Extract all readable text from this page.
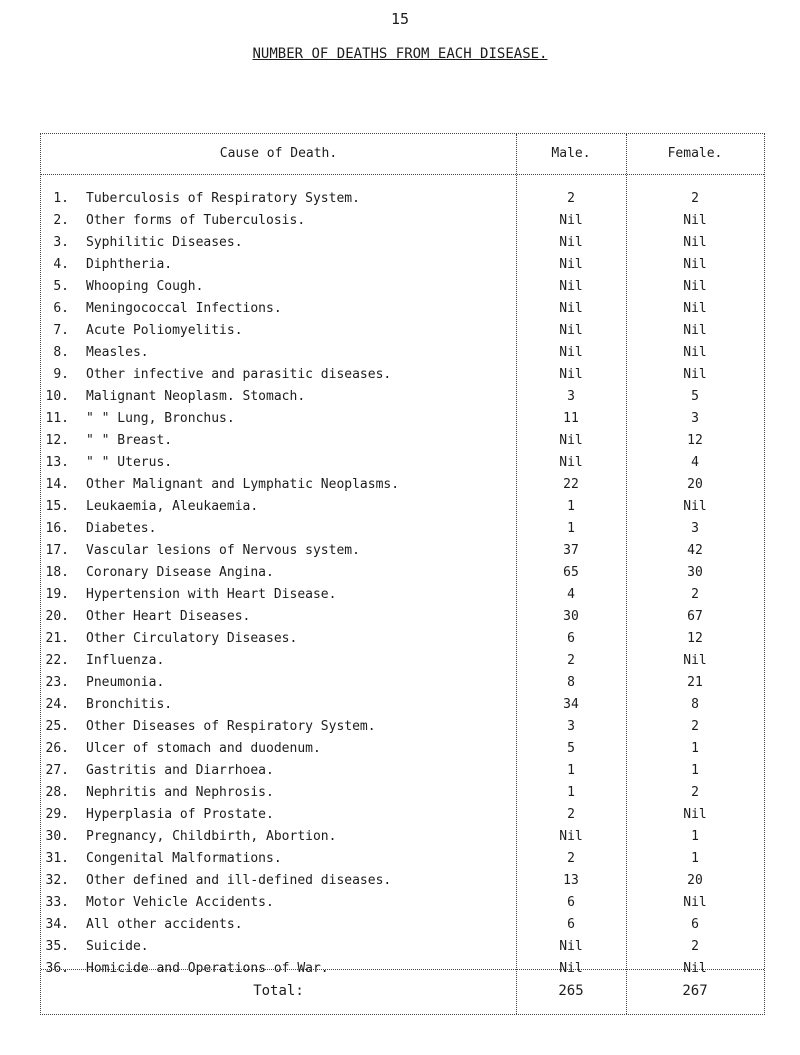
15
NUMBER OF DEATHS FROM EACH DISEASE.
Cause of Death.	Male.	Female.
1. Tuberculosis of Respiratory System.	2	2
2. Other forms of Tuberculosis.	Nil	Nil
3. Syphilitic Diseases.	Nil	Nil
4. Diphtheria.	Nil	Nil
5. Whooping Cough.	Nil	Nil
6. Meningococcal Infections.	Nil	Nil
7. Acute Poliomyelitis.	Nil	Nil
8. Measles.	Nil	Nil
9. Other infective and parasitic diseases.	Nil	Nil
10. Malignant Neoplasm. Stomach.	3	5
11. " " Lung, Bronchus.	11	3
12. " " Breast.	Nil	12
13. " " Uterus.	Nil	4
14. Other Malignant and Lymphatic Neoplasms.	22	20
15. Leukaemia, Aleukaemia.	1	Nil
16. Diabetes.	1	3
17. Vascular lesions of Nervous system.	37	42
18. Coronary Disease Angina.	65	30
19. Hypertension with Heart Disease.	4	2
20. Other Heart Diseases.	30	67
21. Other Circulatory Diseases.	6	12
22. Influenza.	2	Nil
23. Pneumonia.	8	21
24. Bronchitis.	34	8
25. Other Diseases of Respiratory System.	3	2
26. Ulcer of stomach and duodenum.	5	1
27. Gastritis and Diarrhoea.	1	1
28. Nephritis and Nephrosis.	1	2
29. Hyperplasia of Prostate.	2	Nil
30. Pregnancy, Childbirth, Abortion.	Nil	1
31. Congenital Malformations.	2	1
32. Other defined and ill-defined diseases.	13	20
33. Motor Vehicle Accidents.	6	Nil
34. All other accidents.	6	6
35. Suicide.	Nil	2
36. Homicide and Operations of War.	Nil	Nil
Total:	265	267
